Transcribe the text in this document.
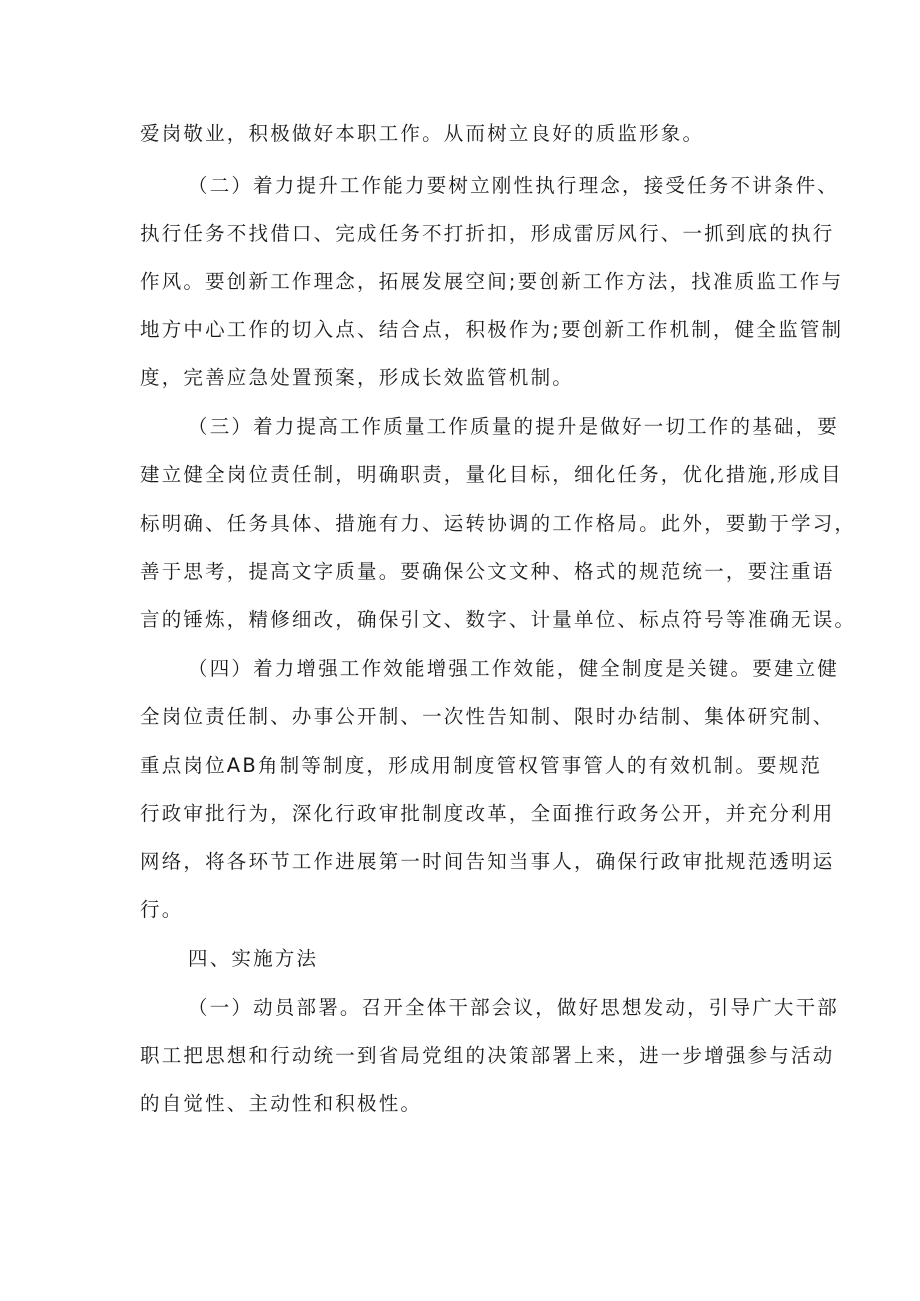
爱岗敬业，积极做好本职工作。从而树立良好的质监形象。
（二）着力提升工作能力要树立刚性执行理念，接受任务不讲条件、
执行任务不找借口、完成任务不打折扣，形成雷厉风行、一抓到底的执行
作风。要创新工作理念，拓展发展空间;要创新工作方法，找准质监工作与
地方中心工作的切入点、结合点，积极作为;要创新工作机制，健全监管制
度，完善应急处置预案，形成长效监管机制。
（三）着力提高工作质量工作质量的提升是做好一切工作的基础，要
建立健全岗位责任制，明确职责，量化目标，细化任务，优化措施,形成目
标明确、任务具体、措施有力、运转协调的工作格局。此外，要勤于学习，
善于思考，提高文字质量。要确保公文文种、格式的规范统一，要注重语
言的锤炼，精修细改，确保引文、数字、计量单位、标点符号等准确无误。
（四）着力增强工作效能增强工作效能，健全制度是关键。要建立健
全岗位责任制、办事公开制、一次性告知制、限时办结制、集体研究制、
重点岗位AB角制等制度，形成用制度管权管事管人的有效机制。要规范
行政审批行为，深化行政审批制度改革，全面推行政务公开，并充分利用
网络，将各环节工作进展第一时间告知当事人，确保行政审批规范透明运
行。
四、实施方法
（一）动员部署。召开全体干部会议，做好思想发动，引导广大干部
职工把思想和行动统一到省局党组的决策部署上来，进一步增强参与活动
的自觉性、主动性和积极性。
